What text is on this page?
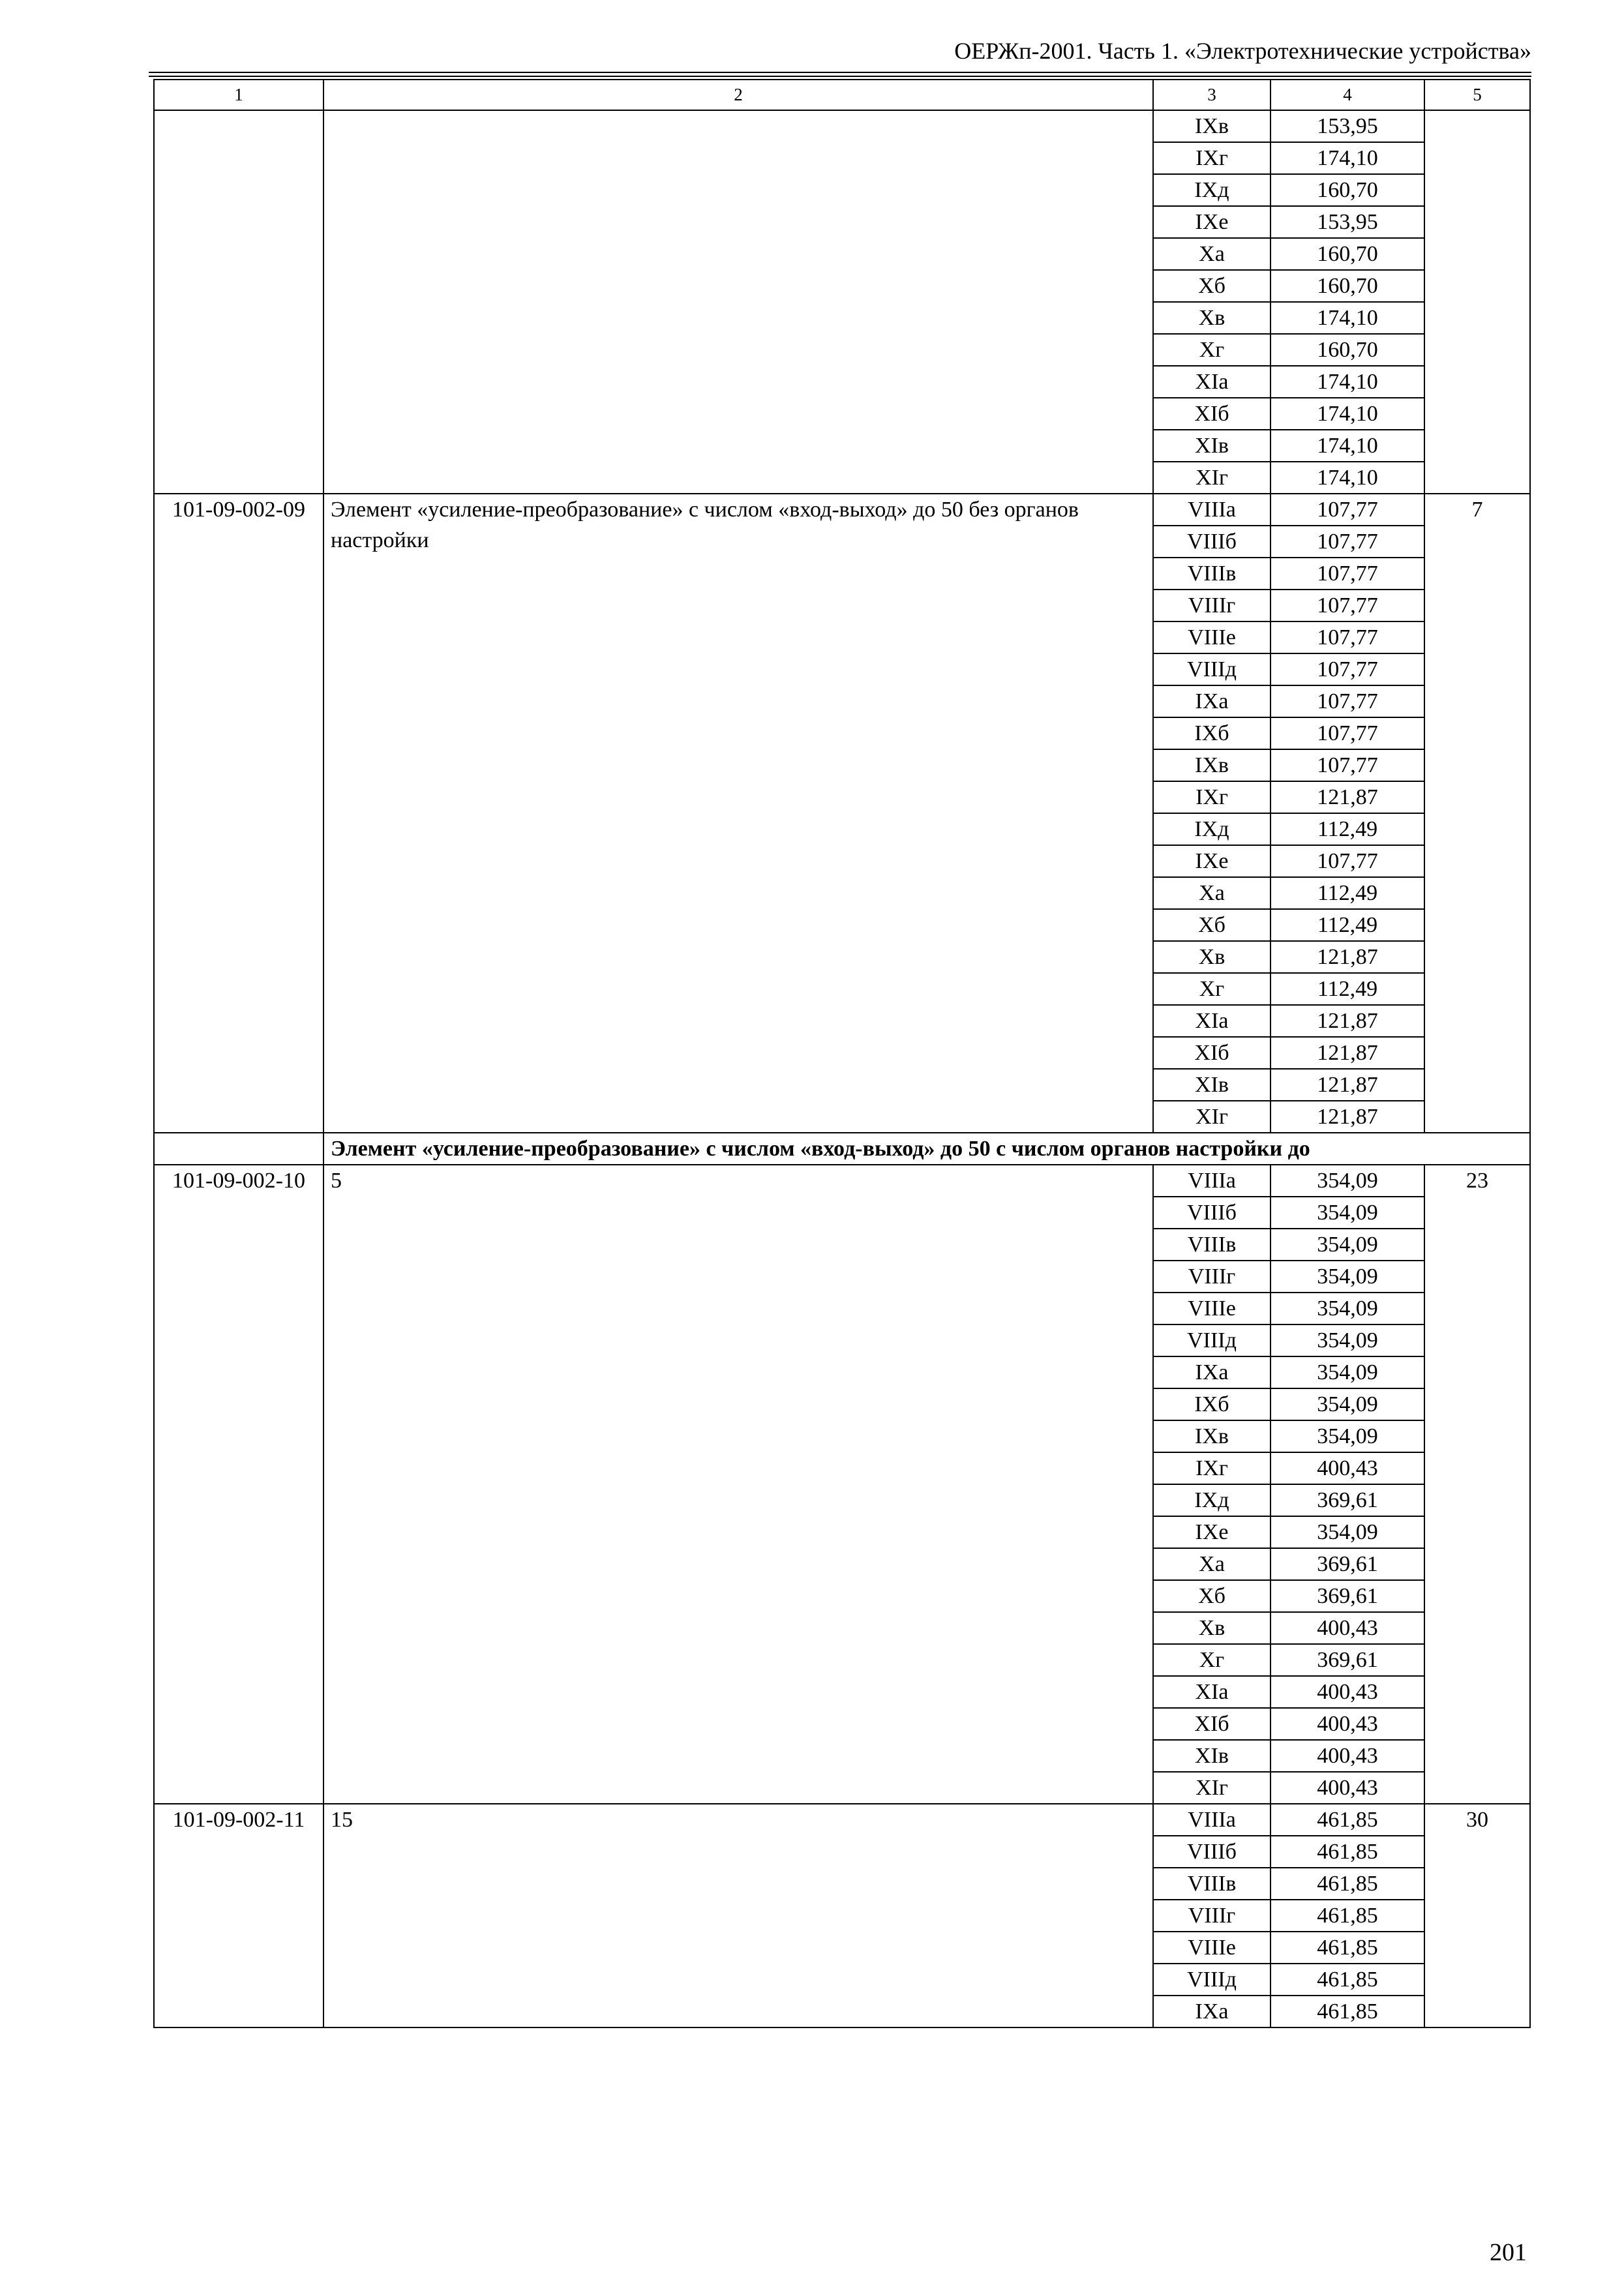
ОЕРЖп-2001. Часть 1. «Электротехнические устройства»
1	2	3	4	5
		IXв	153,95	
		IXг	174,10	
		IXд	160,70	
		IXе	153,95	
		Xа	160,70	
		Xб	160,70	
		Xв	174,10	
		Xг	160,70	
		XIа	174,10	
		XIб	174,10	
		XIв	174,10	
		XIг	174,10	
101-09-002-09	Элемент «усиление-преобразование» с числом «вход-выход» до 50 без органов настройки	VIIIа	107,77	7
		VIIIб	107,77	
		VIIIв	107,77	
		VIIIг	107,77	
		VIIIе	107,77	
		VIIIд	107,77	
		IXа	107,77	
		IXб	107,77	
		IXв	107,77	
		IXг	121,87	
		IXд	112,49	
		IXе	107,77	
		Xа	112,49	
		Xб	112,49	
		Xв	121,87	
		Xг	112,49	
		XIа	121,87	
		XIб	121,87	
		XIв	121,87	
		XIг	121,87	
	Элемент «усиление-преобразование» с числом «вход-выход» до 50 с числом органов настройки до			
101-09-002-10	5	VIIIа	354,09	23
		VIIIб	354,09	
		VIIIв	354,09	
		VIIIг	354,09	
		VIIIе	354,09	
		VIIIд	354,09	
		IXа	354,09	
		IXб	354,09	
		IXв	354,09	
		IXг	400,43	
		IXд	369,61	
		IXе	354,09	
		Xа	369,61	
		Xб	369,61	
		Xв	400,43	
		Xг	369,61	
		XIа	400,43	
		XIб	400,43	
		XIв	400,43	
		XIг	400,43	
101-09-002-11	15	VIIIа	461,85	30
		VIIIб	461,85	
		VIIIв	461,85	
		VIIIг	461,85	
		VIIIе	461,85	
		VIIIд	461,85	
		IXа	461,85	
201
